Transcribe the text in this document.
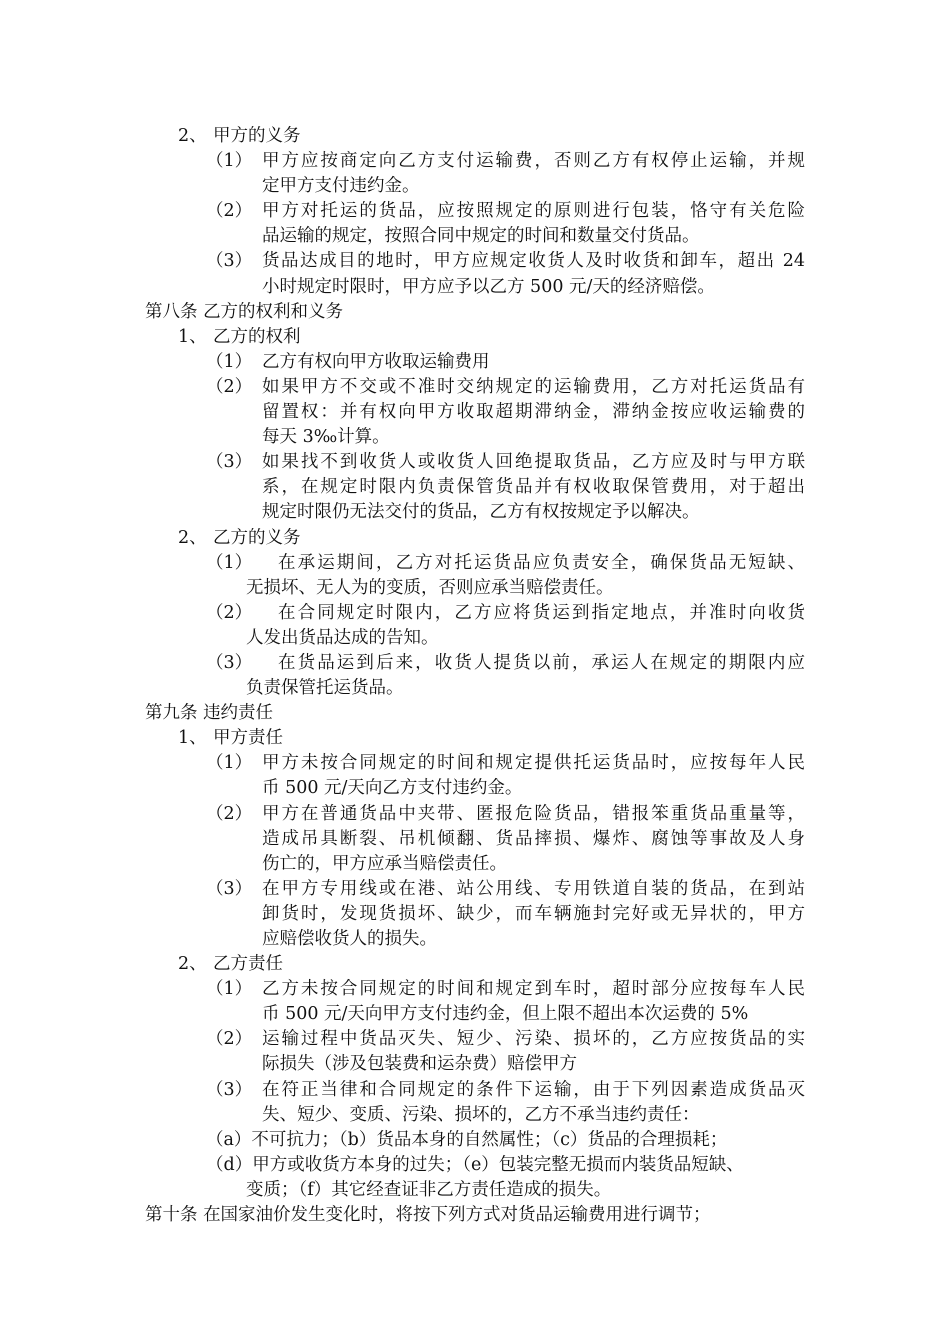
2、 甲方的义务
（1） 甲方应按商定向乙方支付运输费，否则乙方有权停止运输，并规
定甲方支付违约金。
（2） 甲方对托运的货品，应按照规定的原则进行包装，恪守有关危险
品运输的规定，按照合同中规定的时间和数量交付货品。
（3） 货品达成目的地时，甲方应规定收货人及时收货和卸车，超出 24
小时规定时限时，甲方应予以乙方 500 元/天的经济赔偿。
第八条 乙方的权利和义务
1、 乙方的权利
（1） 乙方有权向甲方收取运输费用
（2） 如果甲方不交或不准时交纳规定的运输费用，乙方对托运货品有
留置权：并有权向甲方收取超期滞纳金，滞纳金按应收运输费的
每天 3‰计算。
（3） 如果找不到收货人或收货人回绝提取货品，乙方应及时与甲方联
系，在规定时限内负责保管货品并有权收取保管费用，对于超出
规定时限仍无法交付的货品，乙方有权按规定予以解决。
2、 乙方的义务
（1） 在承运期间，乙方对托运货品应负责安全，确保货品无短缺、
无损坏、无人为的变质，否则应承当赔偿责任。
（2） 在合同规定时限内，乙方应将货运到指定地点，并准时向收货
人发出货品达成的告知。
（3） 在货品运到后来，收货人提货以前，承运人在规定的期限内应
负责保管托运货品。
第九条 违约责任
1、 甲方责任
（1） 甲方未按合同规定的时间和规定提供托运货品时，应按每年人民
币 500 元/天向乙方支付违约金。
（2） 甲方在普通货品中夹带、匿报危险货品，错报笨重货品重量等，
造成吊具断裂、吊机倾翻、货品摔损、爆炸、腐蚀等事故及人身
伤亡的，甲方应承当赔偿责任。
（3） 在甲方专用线或在港、站公用线、专用铁道自装的货品，在到站
卸货时，发现货损坏、缺少，而车辆施封完好或无异状的，甲方
应赔偿收货人的损失。
2、 乙方责任
（1） 乙方未按合同规定的时间和规定到车时，超时部分应按每车人民
币 500 元/天向甲方支付违约金，但上限不超出本次运费的 5%
（2） 运输过程中货品灭失、短少、污染、损坏的，乙方应按货品的实
际损失（涉及包装费和运杂费）赔偿甲方
（3） 在符正当律和合同规定的条件下运输，由于下列因素造成货品灭
失、短少、变质、污染、损坏的，乙方不承当违约责任：
（a）不可抗力；（b）货品本身的自然属性；（c）货品的合理损耗；
（d）甲方或收货方本身的过失；（e）包装完整无损而内装货品短缺、
变质；（f）其它经查证非乙方责任造成的损失。
第十条 在国家油价发生变化时，将按下列方式对货品运输费用进行调节；
